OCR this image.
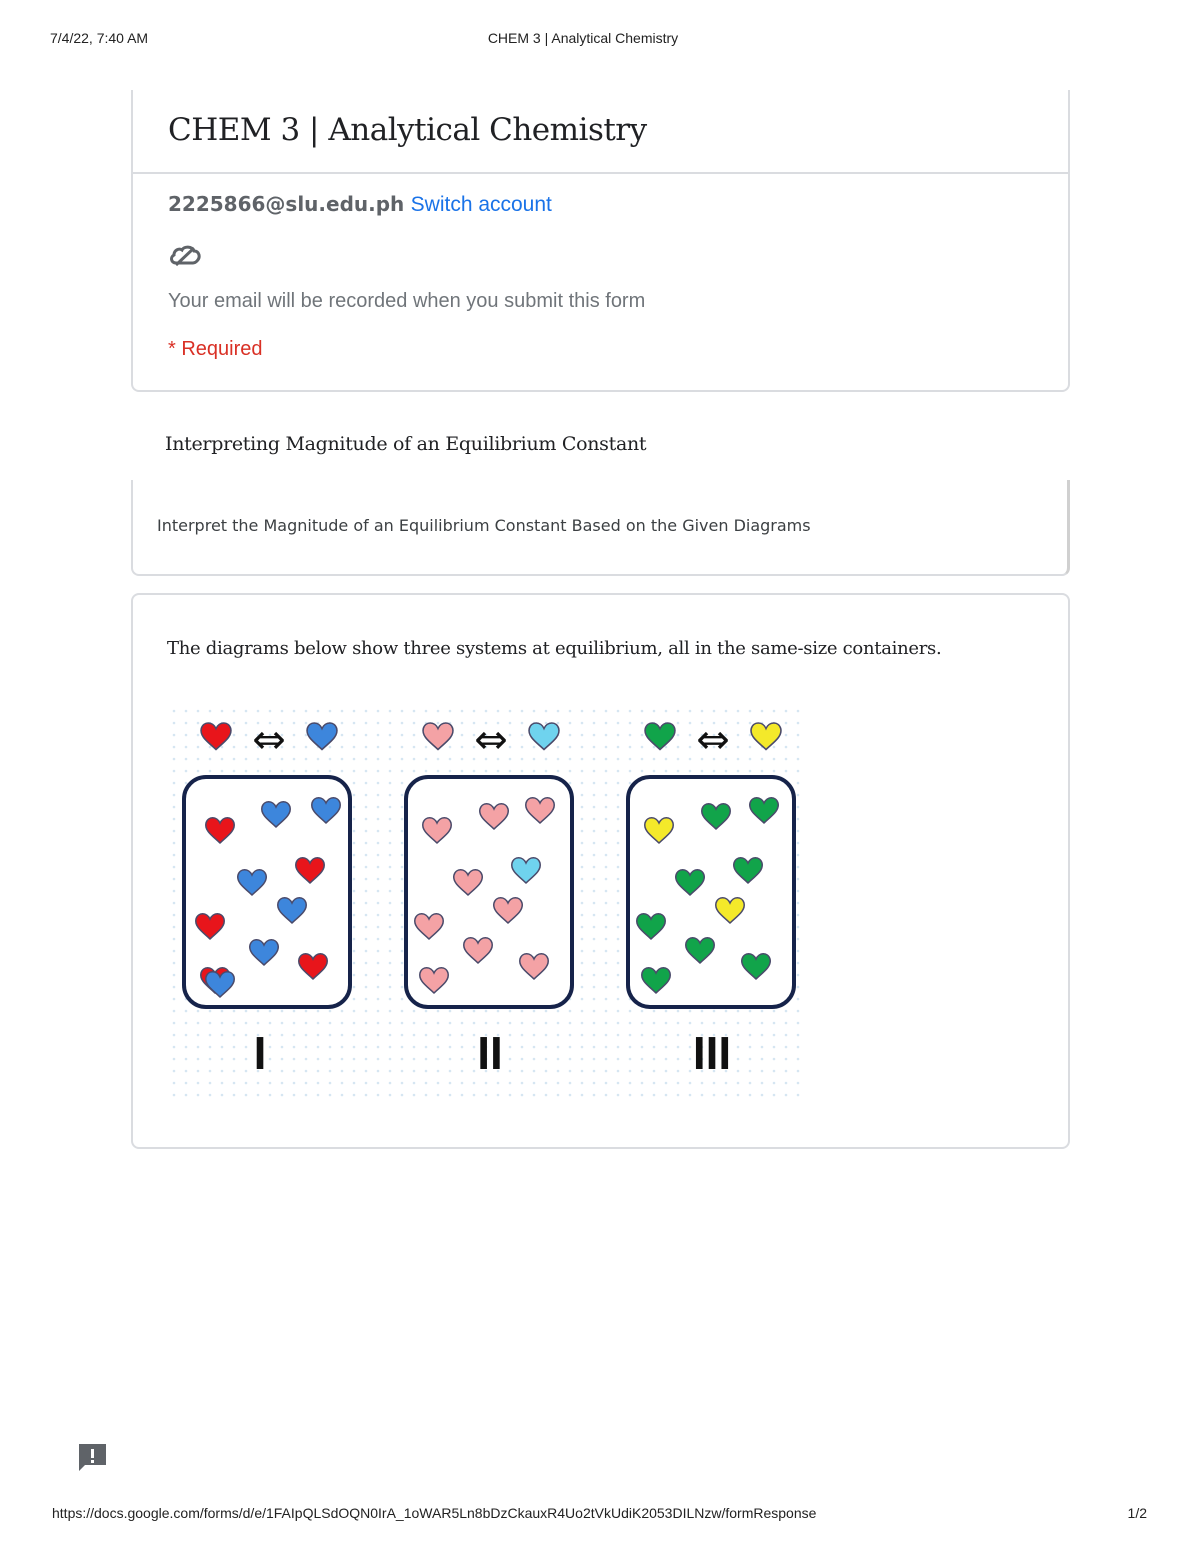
7/4/22, 7:40 AM	CHEM 3 | Analytical Chemistry
CHEM 3 | Analytical Chemistry
2225866@slu.edu.ph Switch account
Your email will be recorded when you submit this form
* Required
Interpreting Magnitude of an Equilibrium Constant
Interpret the Magnitude of an Equilibrium Constant Based on the Given Diagrams
The diagrams below show three systems at equilibrium, all in the same-size containers.
⇔
I
⇔
II
⇔
III
https://docs.google.com/forms/d/e/1FAIpQLSdOQN0IrA_1oWAR5Ln8bDzCkauxR4Uo2tVkUdiK2053DILNzw/formResponse	1/2
